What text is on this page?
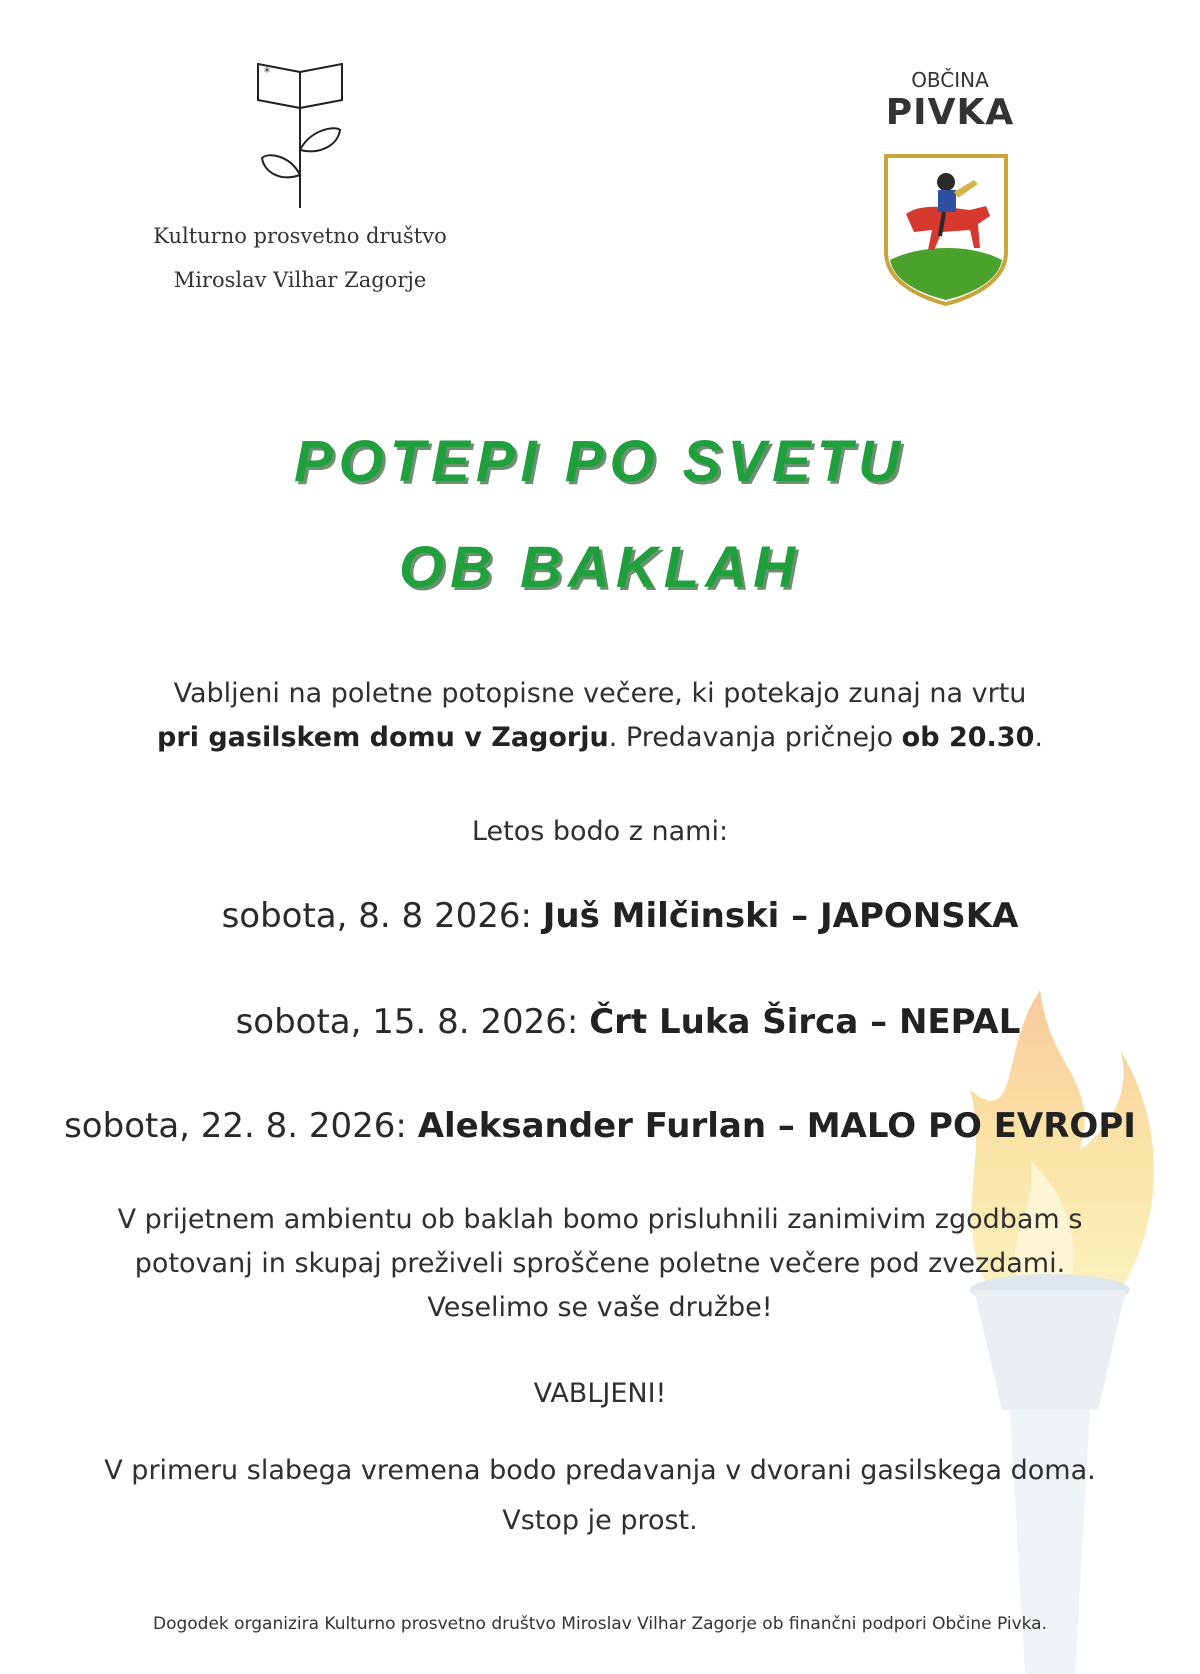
*
Kulturno prosvetno društvo
Miroslav Vilhar Zagorje
OBČINA
PIVKA
POTEPI PO SVETU
OB BAKLAH
Vabljeni na poletne potopisne večere, ki potekajo zunaj na vrtu
pri gasilskem domu v Zagorju. Predavanja pričnejo ob 20.30.
Letos bodo z nami:
sobota, 8. 8 2026: Juš Milčinski – JAPONSKA
sobota, 15. 8. 2026: Črt Luka Širca – NEPAL
sobota, 22. 8. 2026: Aleksander Furlan – MALO PO EVROPI
V prijetnem ambientu ob baklah bomo prisluhnili zanimivim zgodbam s
potovanj in skupaj preživeli sproščene poletne večere pod zvezdami.
Veselimo se vaše družbe!
VABLJENI!
V primeru slabega vremena bodo predavanja v dvorani gasilskega doma.
Vstop je prost.
Dogodek organizira Kulturno prosvetno društvo Miroslav Vilhar Zagorje ob finančni podpori Občine Pivka.
